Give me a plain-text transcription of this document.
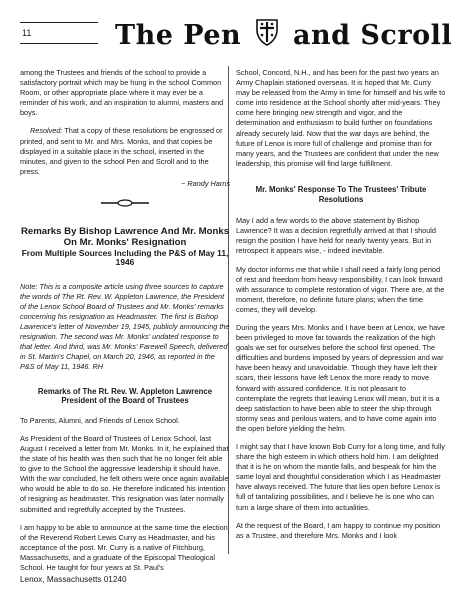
11	The Pen and Scroll

among the Trustees and friends of the school to provide a satisfactory portrait which may be hung in the school Common Room, or other appropriate place where it may ever be a reminder of his work, and an inspiration to alumni, masters and boys.

Resolved: That a copy of these resolutions be engrossed or printed, and sent to Mr. and Mrs. Monks, and that copies be displayed in a suitable place in the school, inserted in the minutes, and given to the school Pen and Scroll and to the press.

~ Randy Harris

Remarks By Bishop Lawrence And Mr. Monks On Mr. Monks' Resignation
From Multiple Sources Including the P&S of May 11, 1946

Note: This is a composite article using three sources to capture the words of The Rt. Rev. W. Appleton Lawrence, the President of the Lenox School Board of Trustees and Mr. Monks' remarks concerning his resignation as Headmaster. The first is Bishop Lawrence's letter of November 19, 1945, publicly announcing the resignation. The second was Mr. Monks' undated response to that letter. And third, was Mr. Monks' Farewell Speech, delivered in St. Martin's Chapel, on March 20, 1946, as reported in the P&S of May 11, 1946. RH

Remarks of The Rt. Rev. W. Appleton Lawrence President of the Board of Trustees

To Parents, Alumni, and Friends of Lenox School.

As President of the Board of Trustees of Lenox School, last August I received a letter from Mr. Monks. In it, he explained that the state of his health was then such that he no longer felt able to give to the School the aggressive leadership it should have. With the war concluded, he felt others were once again available who would be able to do so. He therefore indicated his intention of resigning as headmaster. This resignation was later normally submitted and regretfully accepted by the Trustees.

I am happy to be able to announce at the same time the election of the Reverend Robert Lewis Curry as Headmaster, and his acceptance of the post. Mr. Curry is a native of Fitchburg, Massachusetts, and a graduate of the Episcopal Theological School. He taught for four years at St. Paul's

School, Concord, N.H., and has been for the past two years an Army Chaplain stationed overseas. It is hoped that Mr. Curry may be released from the Army in time for himself and his wife to come into residence at the School shortly after mid-years. They come here bringing new strength and vigor, and the determination and enthusiasm to build further on foundations already securely laid. Now that the war days are behind, the future of Lenox is more full of challenge and promise than for many years, and the Trustees are confident that under the new leadership, this promise will find large fulfillment.

Mr. Monks' Response To The Trustees' Tribute Resolutions

May I add a few words to the above statement by Bishop Lawrence? It was a decision regretfully arrived at that I should resign the position I have held for nearly twenty years. But in retrospect it appears wise, - indeed inevitable.

My doctor informs me that while I shall need a fairly long period of rest and freedom from heavy responsibility, I can look forward with assurance to complete restoration of vigor. There are, at the moment, therefore, no definite future plans; when the time comes, they will develop.

During the years Mrs. Monks and I have been at Lenox, we have been privileged to move far towards the realization of the high goals we set for ourselves before the school first opened. The difficulties and burdens imposed by years of depression and war have been heavy and unavoidable. Though they have left their scars, their lessons have left Lenox the more ready to move forward with assured confidence. It is not pleasant to contemplate the regrets that leaving Lenox will mean, but it is a deep satisfaction to have been able to steer the ship through stormy seas and perilous waters, and to have come again into the open before yielding the helm.

I might say that I have known Bob Curry for a long time, and fully share the high esteem in which others hold him. I am delighted that it is he on whom the mantle falls, and bespeak for him the same loyal and thoughtful consideration which I as Headmaster have always received. The future that lies open before Lenox is full of tantalizing possibilities, and I believe he is one who can turn a large share of them into actualities.

At the request of the Board, I am happy to continue my position as a Trustee, and therefore Mrs. Monks and I look

Lenox, Massachusetts 01240
